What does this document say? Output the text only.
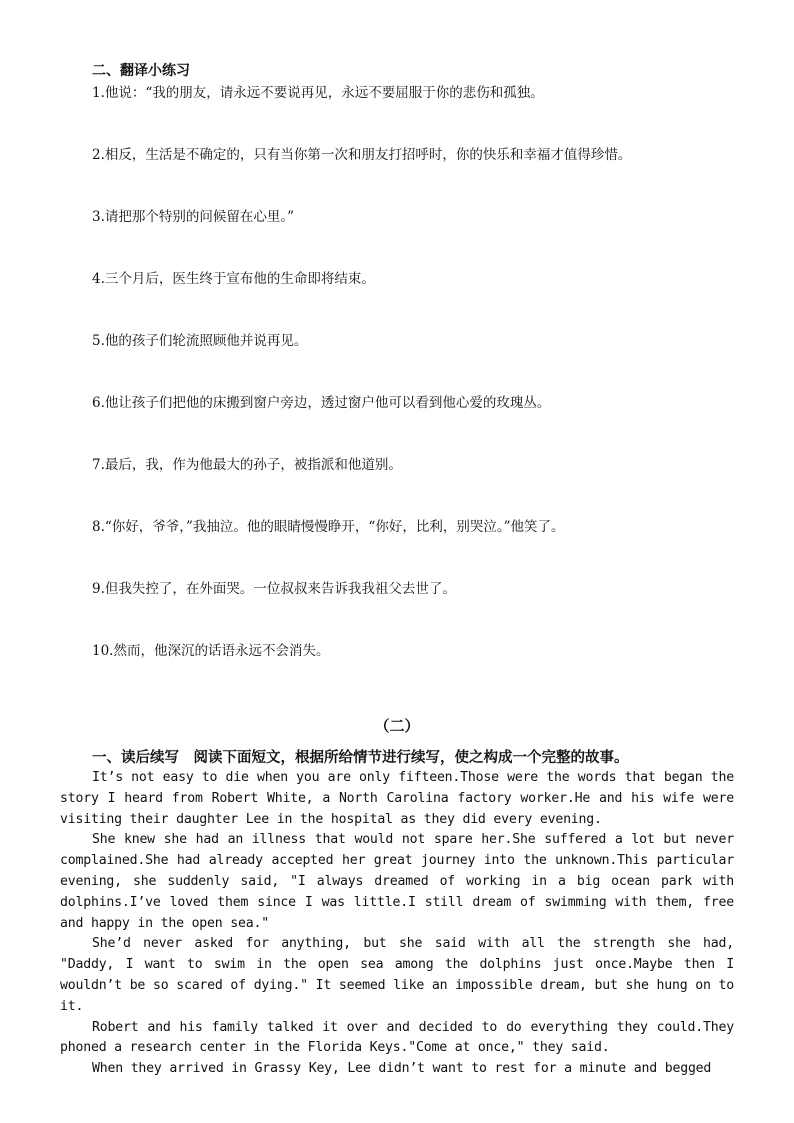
二、翻译小练习
1.他说：“我的朋友，请永远不要说再见，永远不要屈服于你的悲伤和孤独。
2.相反，生活是不确定的，只有当你第一次和朋友打招呼时，你的快乐和幸福才值得珍惜。
3.请把那个特别的问候留在心里。”
4.三个月后，医生终于宣布他的生命即将结束。
5.他的孩子们轮流照顾他并说再见。
6.他让孩子们把他的床搬到窗户旁边，透过窗户他可以看到他心爱的玫瑰丛。
7.最后，我，作为他最大的孙子，被指派和他道别。
8.“你好，爷爷，”我抽泣。他的眼睛慢慢睁开，“你好，比利，别哭泣。”他笑了。
9.但我失控了，在外面哭。一位叔叔来告诉我我祖父去世了。
10.然而，他深沉的话语永远不会消失。
（二）
一、读后续写　阅读下面短文，根据所给情节进行续写，使之构成一个完整的故事。

It’s not easy to die when you are only fifteen.Those were the words that began the story I heard from Robert White, a North Carolina factory worker.He and his wife were visiting their daughter Lee in the hospital as they did every evening.

She knew she had an illness that would not spare her.She suffered a lot but never complained.She had already accepted her great journey into the unknown.This particular evening, she suddenly said, "I always dreamed of working in a big ocean park with dolphins.I’ve loved them since I was little.I still dream of swimming with them, free and happy in the open sea."

She’d never asked for anything, but she said with all the strength she had, "Daddy, I want to swim in the open sea among the dolphins just once.Maybe then I wouldn’t be so scared of dying." It seemed like an impossible dream, but she hung on to it.

Robert and his family talked it over and decided to do everything they could.They phoned a research center in the Florida Keys."Come at once," they said.

When they arrived in Grassy Key, Lee didn’t want to rest for a minute and begged
